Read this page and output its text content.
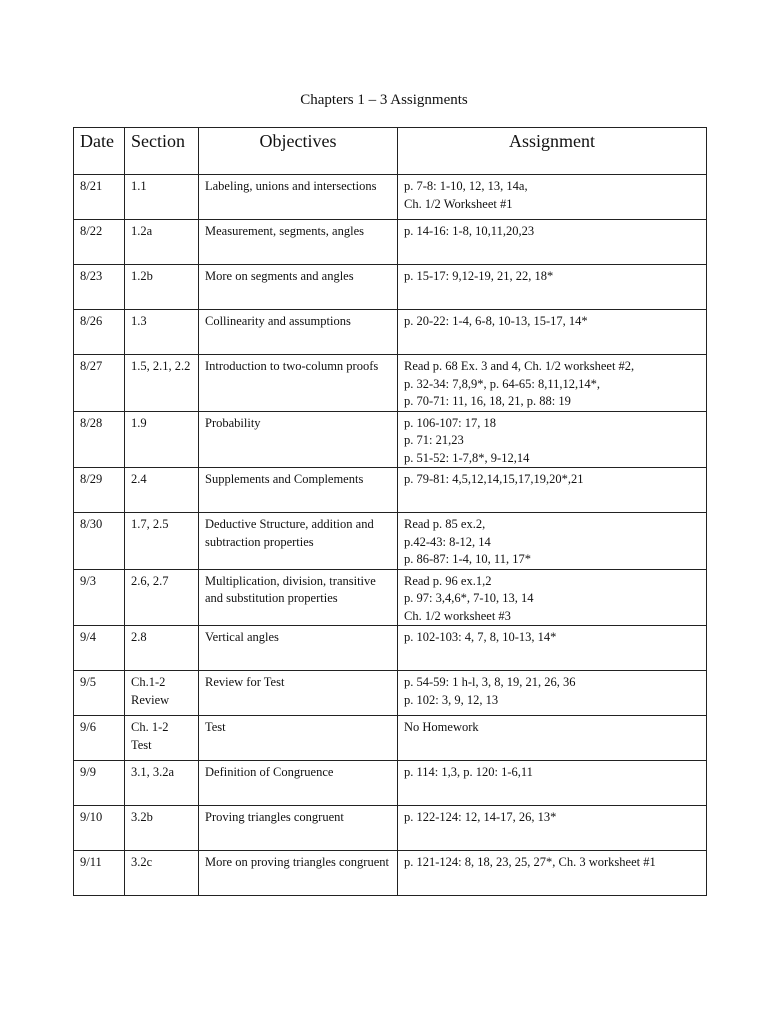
Chapters 1 – 3 Assignments
Date	Section	Objectives	Assignment
8/21	1.1	Labeling, unions and intersections	p. 7-8: 1-10, 12, 13, 14a,
Ch. 1/2 Worksheet #1
8/22	1.2a	Measurement, segments, angles	p. 14-16: 1-8, 10,11,20,23
8/23	1.2b	More on segments and angles	p. 15-17: 9,12-19, 21, 22, 18*
8/26	1.3	Collinearity and assumptions	p. 20-22: 1-4, 6-8, 10-13, 15-17, 14*
8/27	1.5, 2.1, 2.2	Introduction to two-column proofs	Read p. 68 Ex. 3 and 4, Ch. 1/2 worksheet #2,
p. 32-34: 7,8,9*, p. 64-65: 8,11,12,14*,
p. 70-71: 11, 16, 18, 21, p. 88: 19
8/28	1.9	Probability	p. 106-107: 17, 18
p. 71: 21,23
p. 51-52: 1-7,8*, 9-12,14
8/29	2.4	Supplements and Complements	p. 79-81: 4,5,12,14,15,17,19,20*,21
8/30	1.7, 2.5	Deductive Structure, addition and subtraction properties	Read p. 85 ex.2,
p.42-43: 8-12, 14
p. 86-87: 1-4, 10, 11, 17*
9/3	2.6, 2.7	Multiplication, division, transitive and substitution properties	Read p. 96 ex.1,2
p. 97: 3,4,6*, 7-10, 13, 14
Ch. 1/2 worksheet #3
9/4	2.8	Vertical angles	p. 102-103: 4, 7, 8, 10-13, 14*
9/5	Ch.1-2 Review	Review for Test	p. 54-59: 1 h-l, 3, 8, 19, 21, 26, 36
p. 102: 3, 9, 12, 13
9/6	Ch. 1-2 Test	Test	No Homework
9/9	3.1, 3.2a	Definition of Congruence	p. 114: 1,3, p. 120: 1-6,11
9/10	3.2b	Proving triangles congruent	p. 122-124: 12, 14-17, 26, 13*
9/11	3.2c	More on proving triangles congruent	p. 121-124: 8, 18, 23, 25, 27*, Ch. 3 worksheet #1
